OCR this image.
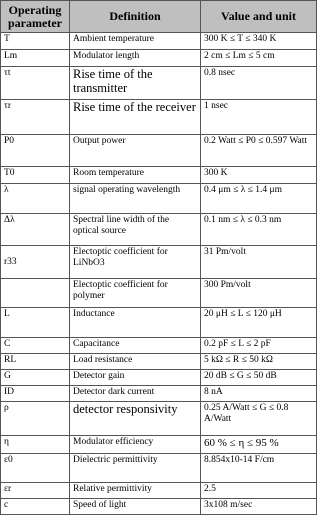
Operating parameter	Definition	Value and unit
T	Ambient temperature	300 K ≤ T ≤ 340 K
Lm	Modulator length	2 cm ≤ Lm ≤ 5 cm
τt	Rise time of the transmitter	0.8 nsec
τr	Rise time of the receiver	1 nsec
P0	Output power	0.2 Watt ≤ P0 ≤ 0.597 Watt
T0	Room temperature	300 K
λ	signal operating wavelength	0.4 μm ≤ λ ≤ 1.4 μm
Δλ	Spectral line width of the optical source	0.1 nm ≤ λ ≤ 0.3 nm
r33	Electoptic coefficient for LiNbO3	31 Pm/volt
	Electoptic coefficient for polymer	300 Pm/volt
L	Inductance	20 μH ≤ L ≤ 120 μH
C	Capacitance	0.2 pF ≤ L ≤ 2 pF
RL	Load resistance	5 kΩ ≤ R ≤ 50 kΩ
G	Detector gain	20 dB ≤ G ≤ 50 dB
ID	Detector dark current	8 nA
ρ	detector responsivity	0.25 A/Watt ≤ G ≤ 0.8 A/Watt
η	Modulator efficiency	60 % ≤ η ≤ 95 %
ε0	Dielectric permittivity	8.854x10-14 F/cm
εr	Relative permittivity	2.5
c	Speed of light	3x108 m/sec
